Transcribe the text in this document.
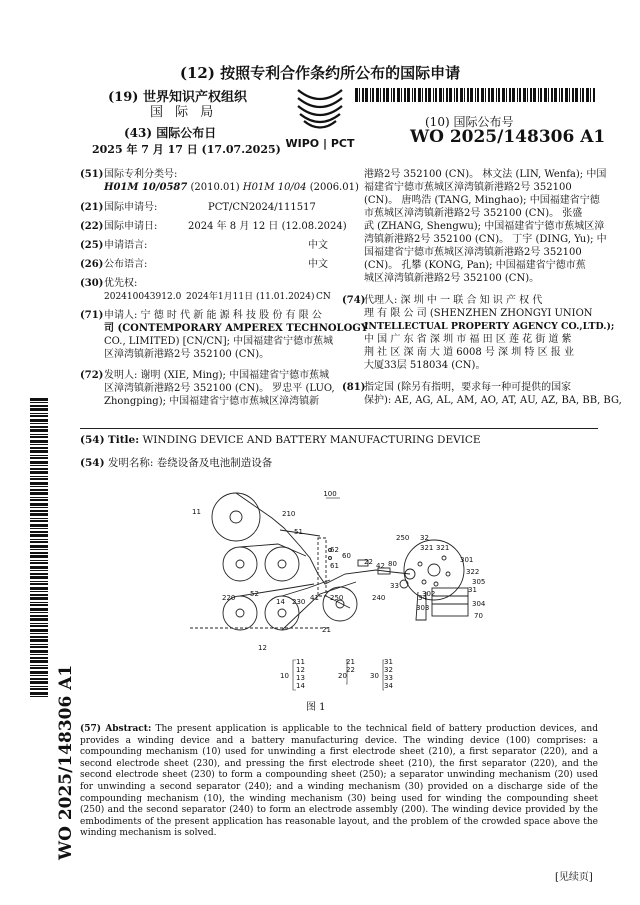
(12) 按照专利合作条约所公布的国际申请
(19) 世界知识产权组织
国 际 局
(43) 国际公布日
2025 年 7 月 17 日 (17.07.2025) WIPO | PCT
(10) 国际公布号
WO 2025/148306 A1
WO 2025/148306 A1
(51) 国际专利分类号:
H01M 10/0587 (2010.01) H01M 10/04 (2006.01)
(21) 国际申请号:	PCT/CN2024/111517
(22) 国际申请日:	2024 年 8 月 12 日 (12.08.2024)
(25) 申请语言:	中文
(26) 公布语言:	中文
(30) 优先权:
202410043912.0 2024年1月11日 (11.01.2024) CN
(71) 申请人: 宁 德 时 代 新 能 源 科 技 股 份 有 限 公
司 (CONTEMPORARY AMPEREX TECHNOLOGY
CO., LIMITED) [CN/CN]; 中国福建省宁德市蕉城
区漳湾镇新港路2号 352100 (CN)。
(72) 发明人: 谢明 (XIE, Ming); 中国福建省宁德市蕉城
区漳湾镇新港路2号 352100 (CN)。 罗忠平 (LUO,
Zhongping); 中国福建省宁德市蕉城区漳湾镇新
港路2号 352100 (CN)。 林文法 (LIN, Wenfa); 中国
福建省宁德市蕉城区漳湾镇新港路2号 352100
(CN)。 唐鸣浩 (TANG, Minghao); 中国福建省宁德
市蕉城区漳湾镇新港路2号 352100 (CN)。 张盛
武 (ZHANG, Shengwu); 中国福建省宁德市蕉城区漳
湾镇新港路2号 352100 (CN)。 丁宇 (DING, Yu); 中
国福建省宁德市蕉城区漳湾镇新港路2号 352100
(CN)。 孔攀 (KONG, Pan); 中国福建省宁德市蕉
城区漳湾镇新港路2号 352100 (CN)。
(74)
代理人: 深 圳 中 一 联 合 知 识 产 权 代
理 有 限 公 司 (SHENZHEN ZHONGYI UNION
INTELLECTUAL PROPERTY AGENCY CO.,LTD.);
中 国 广 东 省 深 圳 市 福 田 区 莲 花 街 道 紫
荆 社 区 深 南 大 道 6008 号 深 圳 特 区 报 业
大厦33层 518034 (CN)。
(81)
指定国 (除另有指明，要求每一种可提供的国家
保护): AE, AG, AL, AM, AO, AT, AU, AZ, BA, BB, BG,
(54) Title: WINDING DEVICE AND BATTERY MANUFACTURING DEVICE
(54) 发明名称: 卷绕设备及电池制造设备
100
11	210
51
62
60
61	22 42 80
250 32
321 321
301
322
305
31
304
34
303
70
33
302
240
21
230 41 250
14
52
220
12
10	20	30
11
12
13
14
21
22
31
32
33
34
图 1
(57) Abstract: The present application is applicable to the technical field of battery production devices, and provides a winding device and a battery manufacturing device. The winding device (100) comprises: a compounding mechanism (10) used for unwinding a first electrode sheet (210), a first separator (220), and a second electrode sheet (230), and pressing the first electrode sheet (210), the first separator (220), and the second electrode sheet (230) to form a compounding sheet (250); a separator unwinding mechanism (20) used for unwinding a second separator (240); and a winding mechanism (30) provided on a discharge side of the compounding mechanism (10), the winding mechanism (30) being used for winding the compounding sheet (250) and the second separator (240) to form an electrode assembly (200). The winding device provided by the embodiments of the present application has reasonable layout, and the problem of the crowded space above the winding mechanism is solved.
[见续页]
